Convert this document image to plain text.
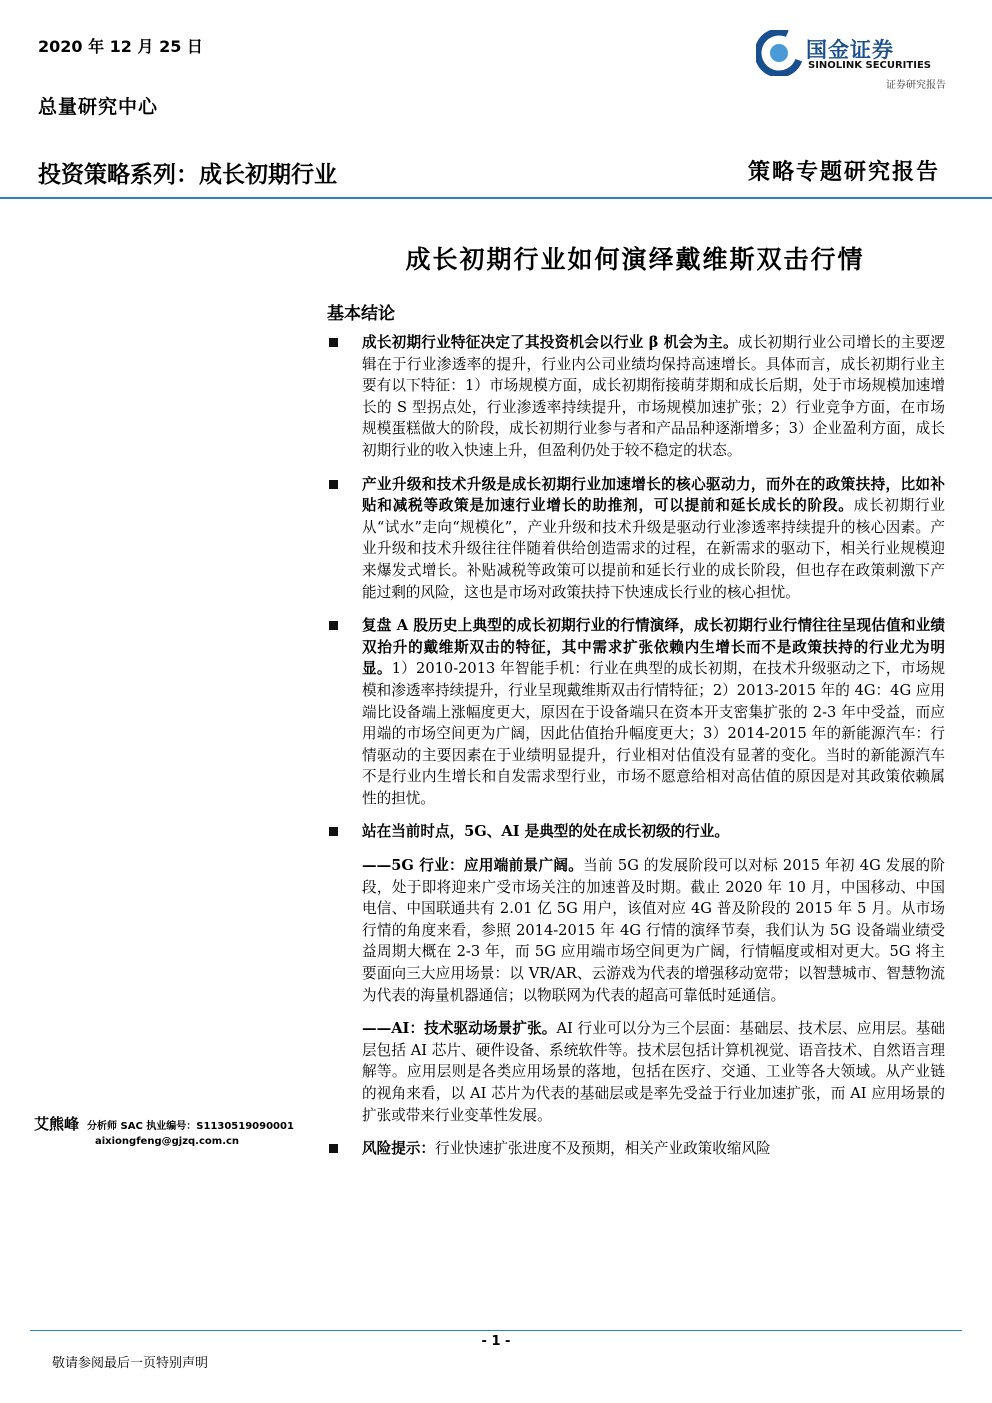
2020 年 12 月 25 日
总量研究中心
投资策略系列：成长初期行业	策略专题研究报告
国金证券
SINOLINK SECURITIES
证券研究报告
成长初期行业如何演绎戴维斯双击行情
基本结论

成长初期行业特征决定了其投资机会以行业 β 机会为主。成长初期行业公司增长的主要逻辑在于行业渗透率的提升，行业内公司业绩均保持高速增长。具体而言，成长初期行业主要有以下特征：1）市场规模方面，成长初期衔接萌芽期和成长后期，处于市场规模加速增长的 S 型拐点处，行业渗透率持续提升，市场规模加速扩张；2）行业竞争方面，在市场规模蛋糕做大的阶段，成长初期行业参与者和产品品种逐渐增多；3）企业盈利方面，成长初期行业的收入快速上升，但盈利仍处于较不稳定的状态。

产业升级和技术升级是成长初期行业加速增长的核心驱动力，而外在的政策扶持，比如补贴和减税等政策是加速行业增长的助推剂，可以提前和延长成长的阶段。成长初期行业从“试水”走向“规模化”，产业升级和技术升级是驱动行业渗透率持续提升的核心因素。产业升级和技术升级往往伴随着供给创造需求的过程，在新需求的驱动下，相关行业规模迎来爆发式增长。补贴减税等政策可以提前和延长行业的成长阶段，但也存在政策刺激下产能过剩的风险，这也是市场对政策扶持下快速成长行业的核心担忧。

复盘 A 股历史上典型的成长初期行业的行情演绎，成长初期行业行情往往呈现估值和业绩双抬升的戴维斯双击的特征，其中需求扩张依赖内生增长而不是政策扶持的行业尤为明显。1）2010-2013 年智能手机：行业在典型的成长初期，在技术升级驱动之下，市场规模和渗透率持续提升，行业呈现戴维斯双击行情特征；2）2013-2015 年的 4G：4G 应用端比设备端上涨幅度更大，原因在于设备端只在资本开支密集扩张的 2-3 年中受益，而应用端的市场空间更为广阔，因此估值抬升幅度更大；3）2014-2015 年的新能源汽车：行情驱动的主要因素在于业绩明显提升，行业相对估值没有显著的变化。当时的新能源汽车不是行业内生增长和自发需求型行业，市场不愿意给相对高估值的原因是对其政策依赖属性的担忧。

站在当前时点，5G、AI 是典型的处在成长初级的行业。

——5G 行业：应用端前景广阔。当前 5G 的发展阶段可以对标 2015 年初 4G 发展的阶段，处于即将迎来广受市场关注的加速普及时期。截止 2020 年 10 月，中国移动、中国电信、中国联通共有 2.01 亿 5G 用户，该值对应 4G 普及阶段的 2015 年 5 月。从市场行情的角度来看，参照 2014-2015 年 4G 行情的演绎节奏，我们认为 5G 设备端业绩受益周期大概在 2-3 年，而 5G 应用端市场空间更为广阔，行情幅度或相对更大。5G 将主要面向三大应用场景：以 VR/AR、云游戏为代表的增强移动宽带；以智慧城市、智慧物流为代表的海量机器通信；以物联网为代表的超高可靠低时延通信。

——AI：技术驱动场景扩张。AI 行业可以分为三个层面：基础层、技术层、应用层。基础层包括 AI 芯片、硬件设备、系统软件等。技术层包括计算机视觉、语音技术、自然语言理解等。应用层则是各类应用场景的落地，包括在医疗、交通、工业等各大领域。从产业链的视角来看，以 AI 芯片为代表的基础层或是率先受益于行业加速扩张，而 AI 应用场景的扩张或带来行业变革性发展。

风险提示：行业快速扩张进度不及预期，相关产业政策收缩风险

艾熊峰 分析师 SAC 执业编号：S1130519090001
aixiongfeng@gjzq.com.cn
- 1 -
敬请参阅最后一页特别声明
